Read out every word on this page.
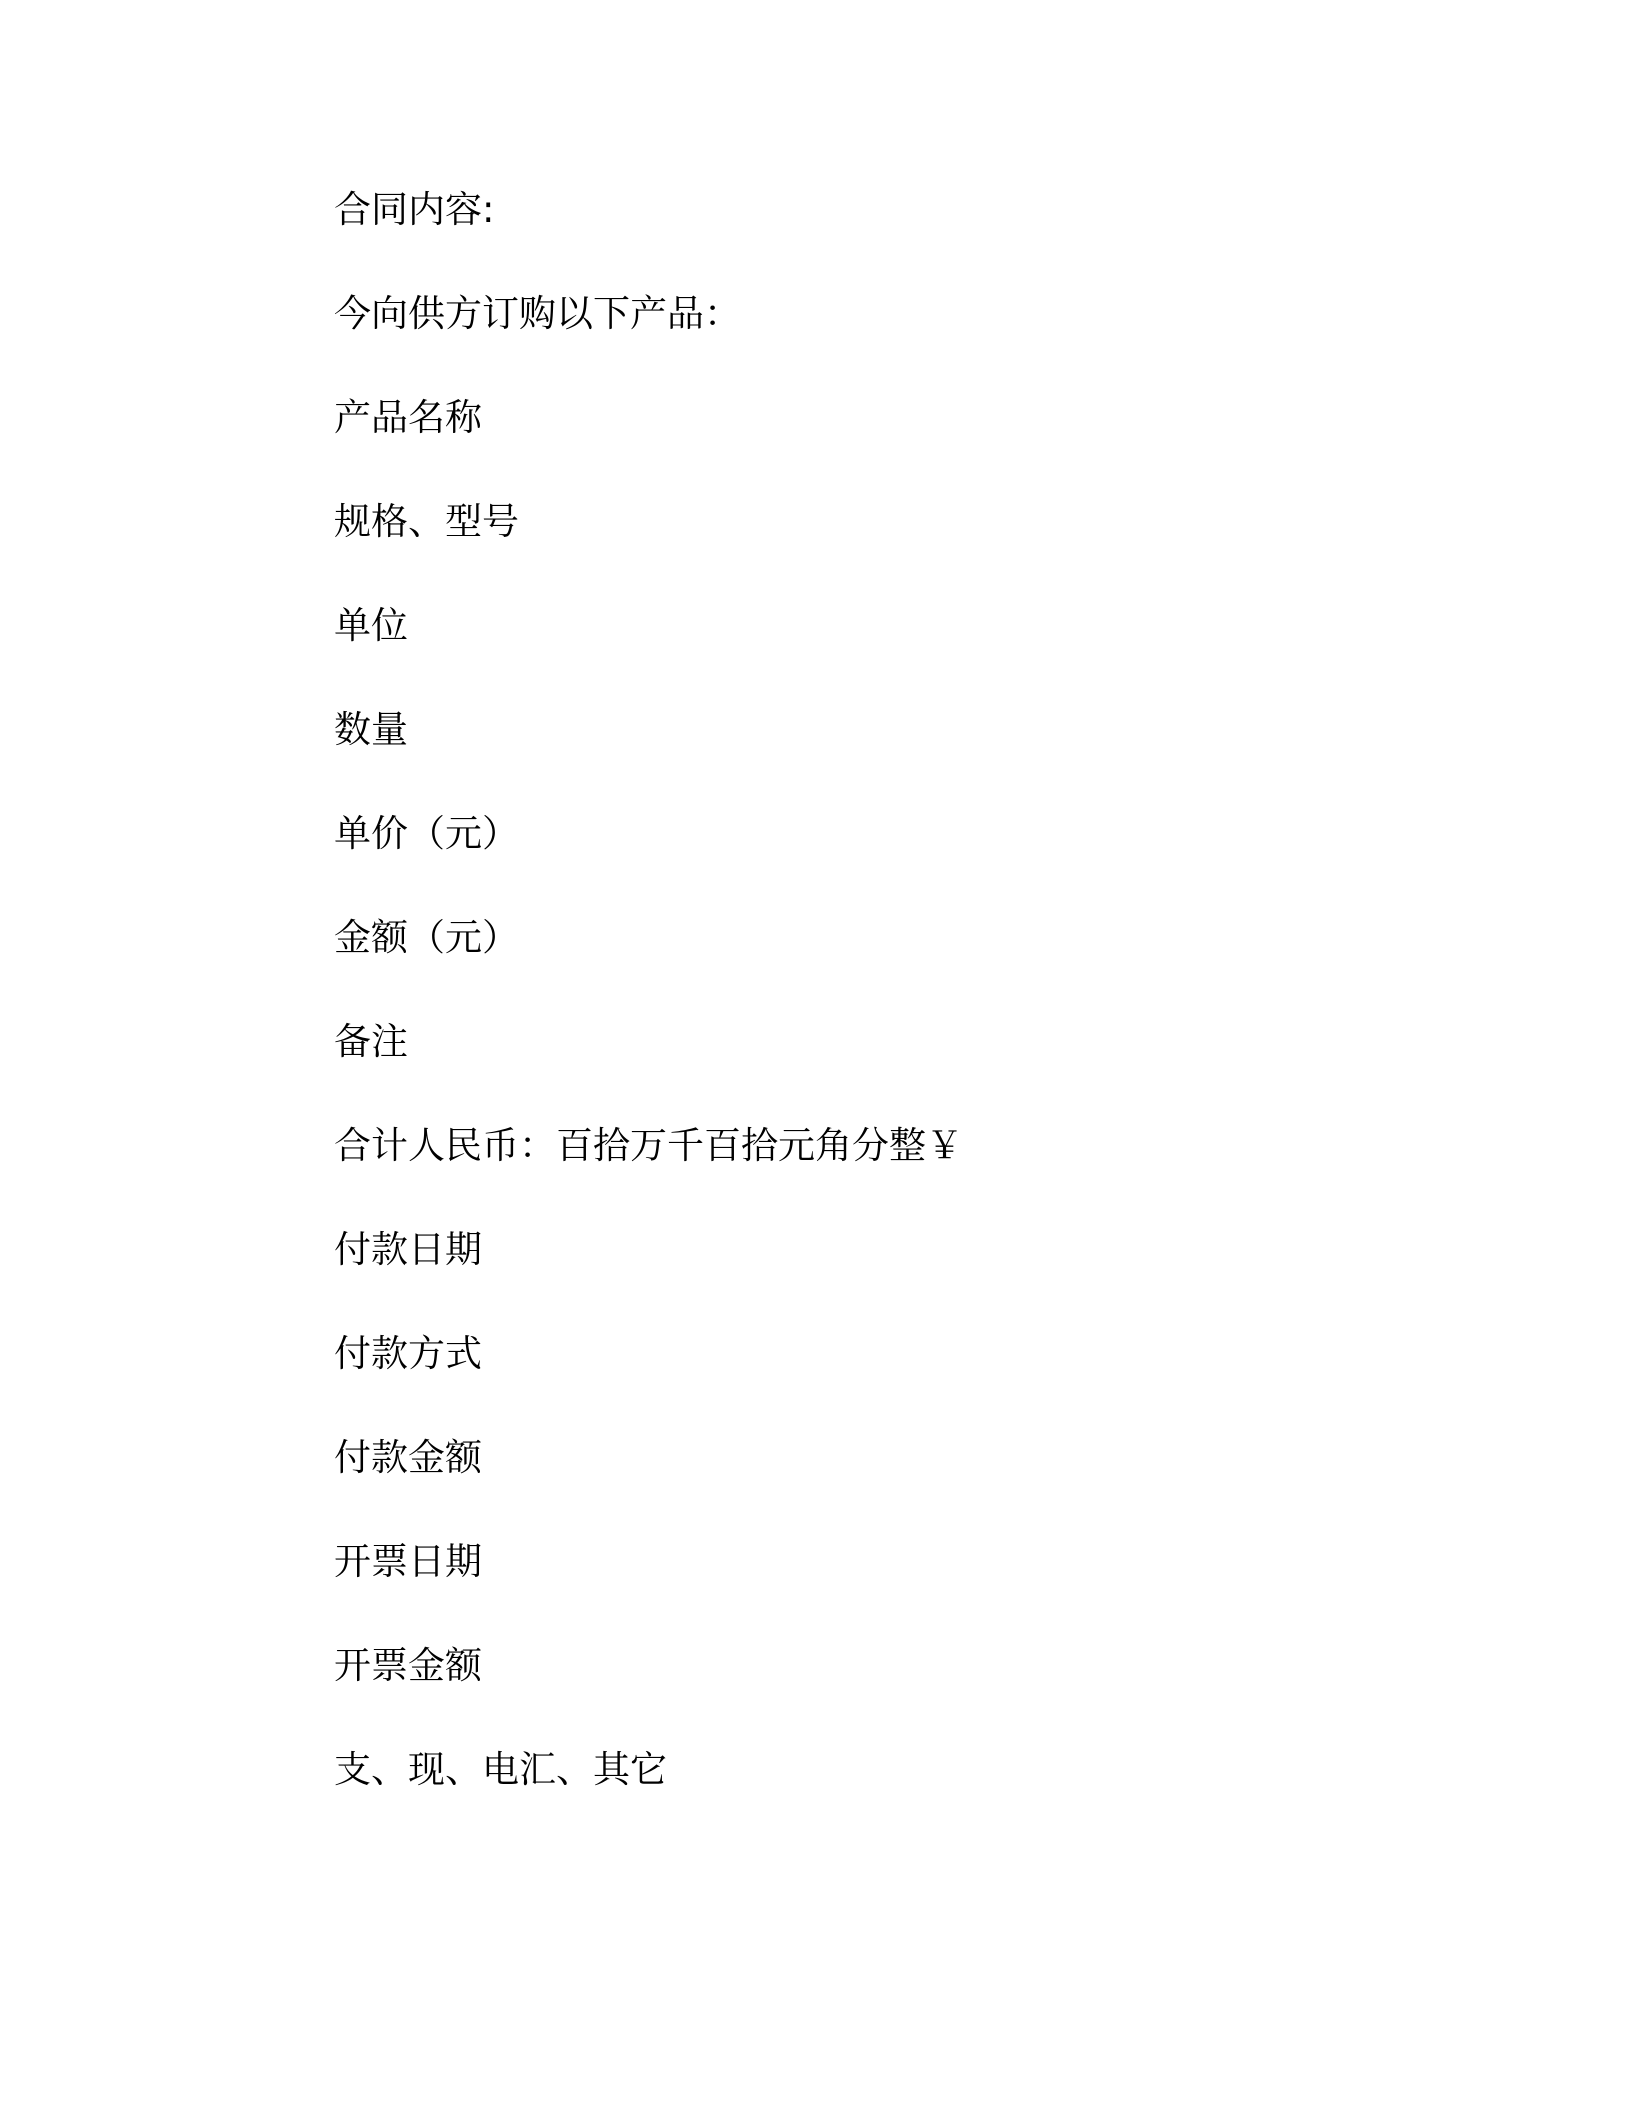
合同内容:
今向供方订购以下产品：
产品名称
规格、型号
单位
数量
单价（元）
金额（元）
备注
合计人民币：百拾万千百拾元角分整￥
付款日期
付款方式
付款金额
开票日期
开票金额
支、现、电汇、其它
